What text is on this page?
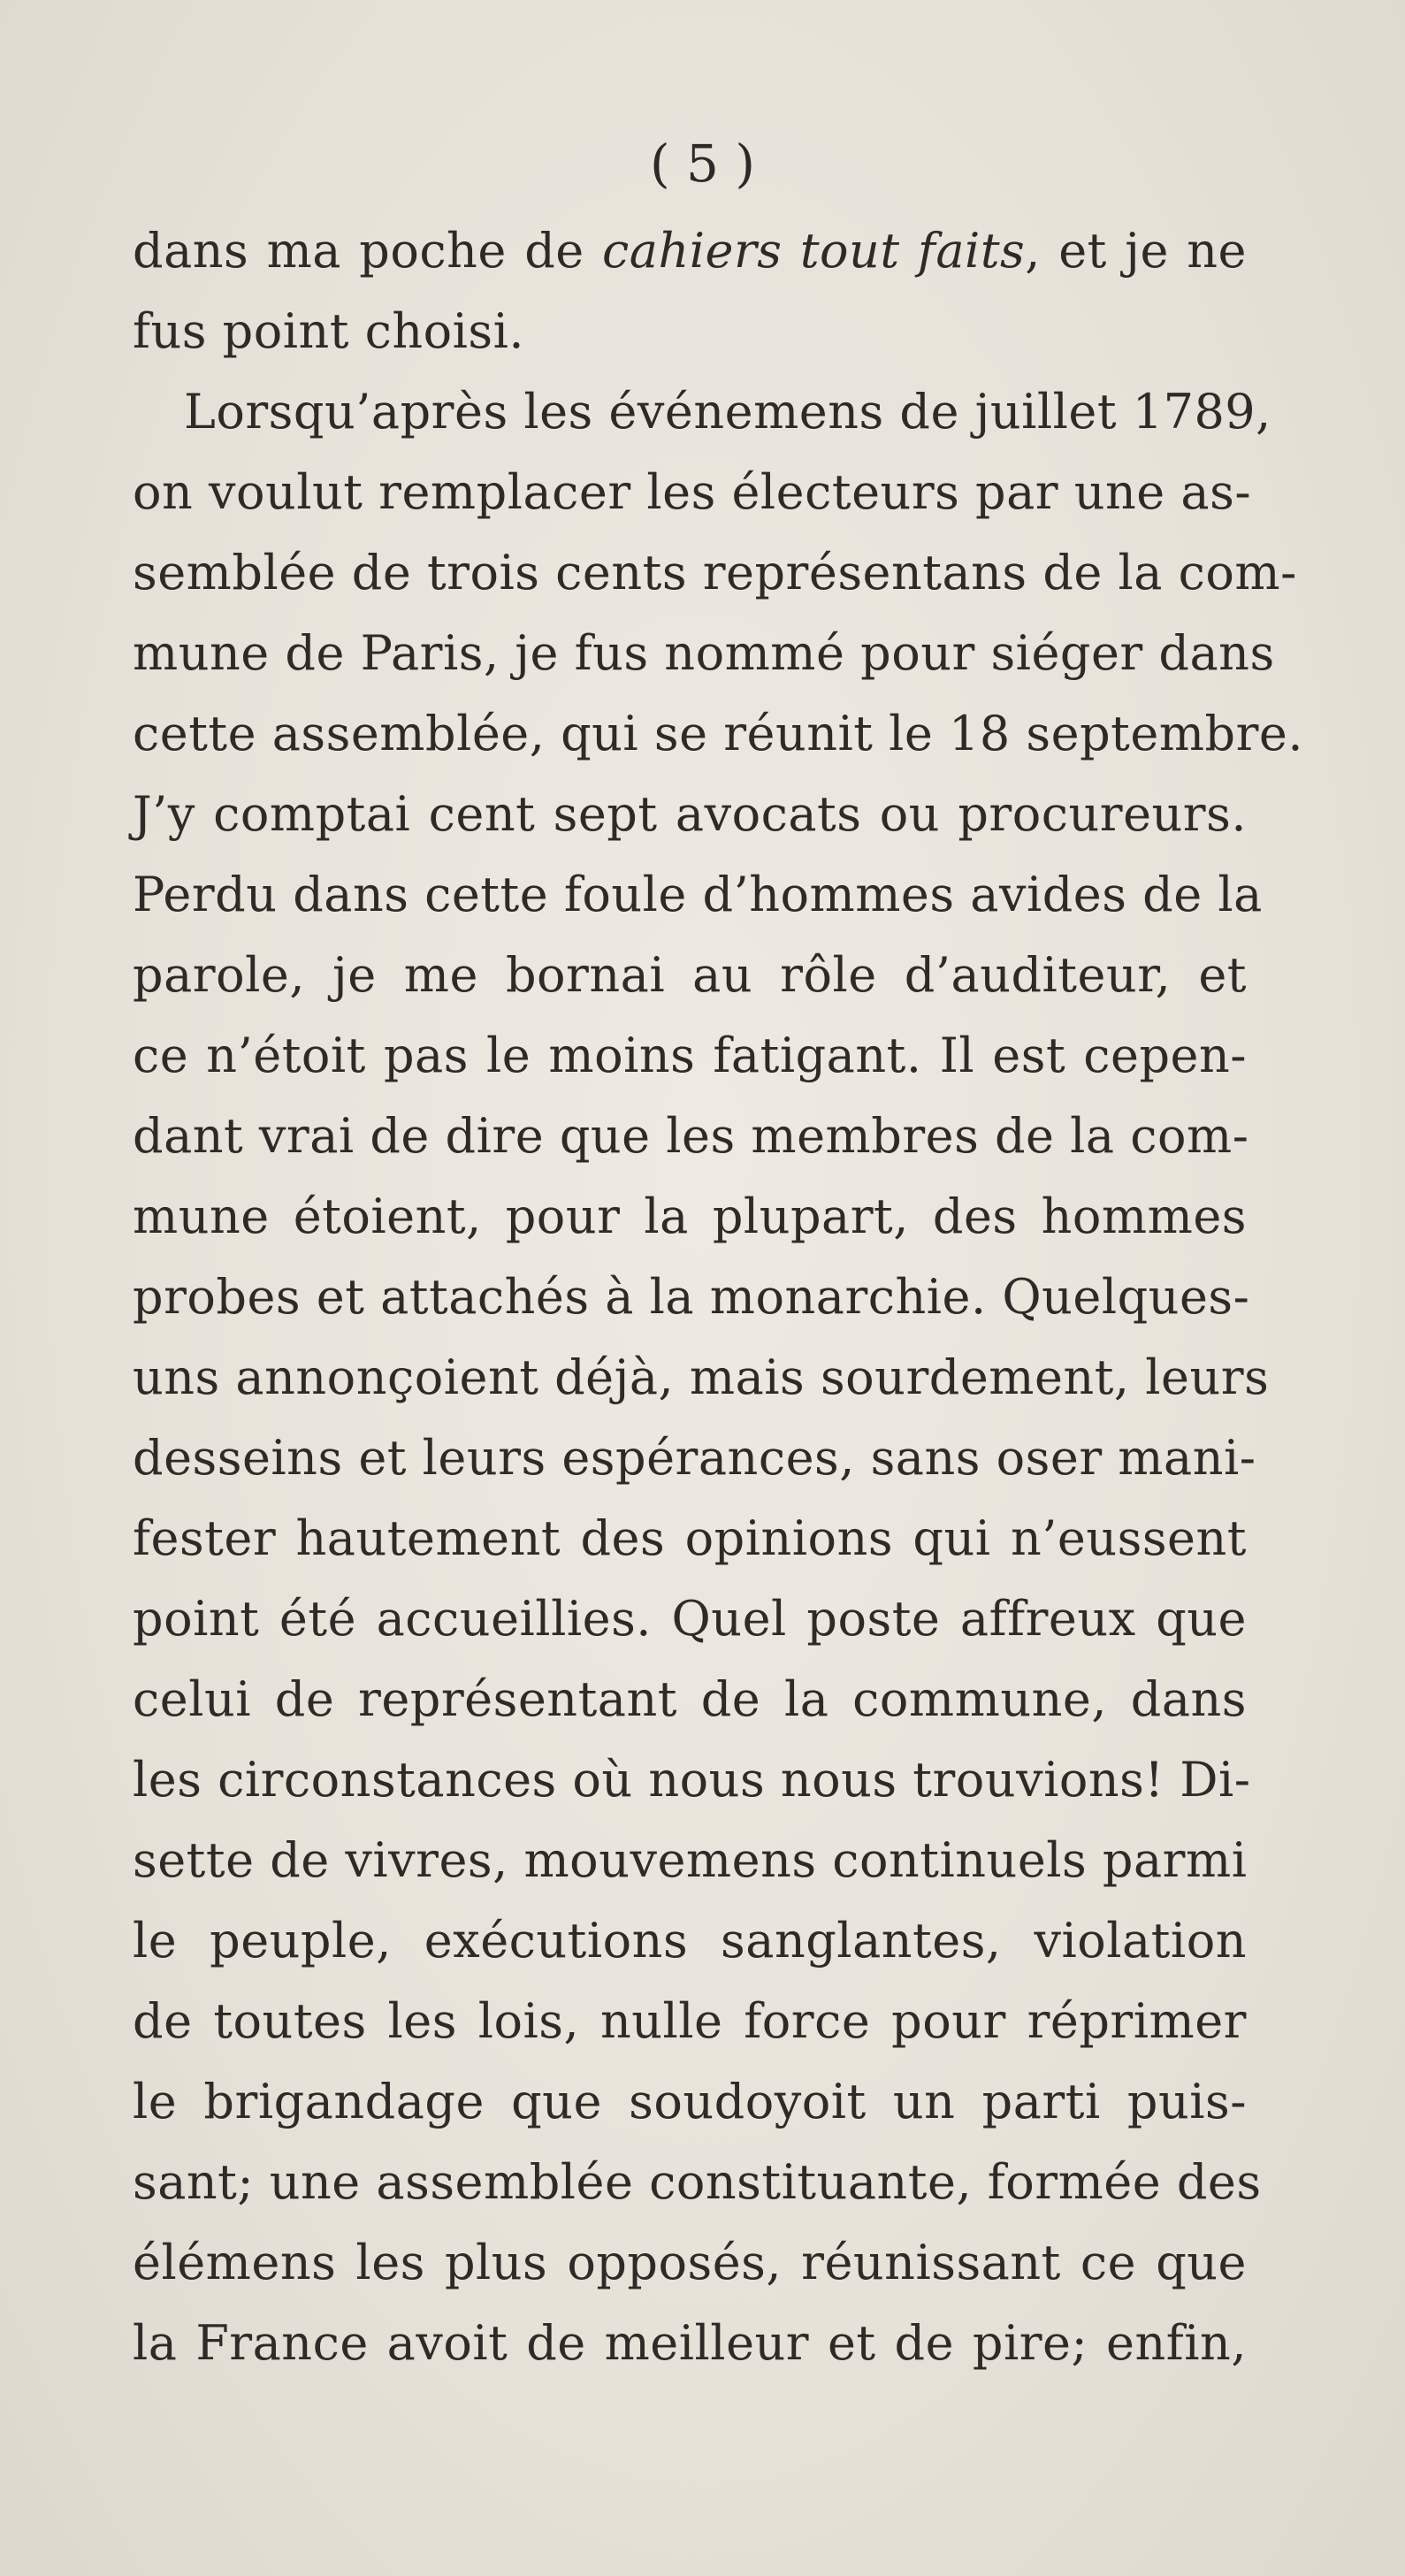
( 5 )
dans ma poche de cahiers tout faits, et je ne
fus point choisi.
Lorsqu’après les événemens de juillet 1789,
on voulut remplacer les électeurs par une as-
semblée de trois cents représentans de la com-
mune de Paris, je fus nommé pour siéger dans
cette assemblée, qui se réunit le 18 septembre.
J’y comptai cent sept avocats ou procureurs.
Perdu dans cette foule d’hommes avides de la
parole, je me bornai au rôle d’auditeur, et
ce n’étoit pas le moins fatigant. Il est cepen-
dant vrai de dire que les membres de la com-
mune étoient, pour la plupart, des hommes
probes et attachés à la monarchie. Quelques-
uns annonçoient déjà, mais sourdement, leurs
desseins et leurs espérances, sans oser mani-
fester hautement des opinions qui n’eussent
point été accueillies. Quel poste affreux que
celui de représentant de la commune, dans
les circonstances où nous nous trouvions! Di-
sette de vivres, mouvemens continuels parmi
le peuple, exécutions sanglantes, violation
de toutes les lois, nulle force pour réprimer
le brigandage que soudoyoit un parti puis-
sant; une assemblée constituante, formée des
élémens les plus opposés, réunissant ce que
la France avoit de meilleur et de pire; enfin,
